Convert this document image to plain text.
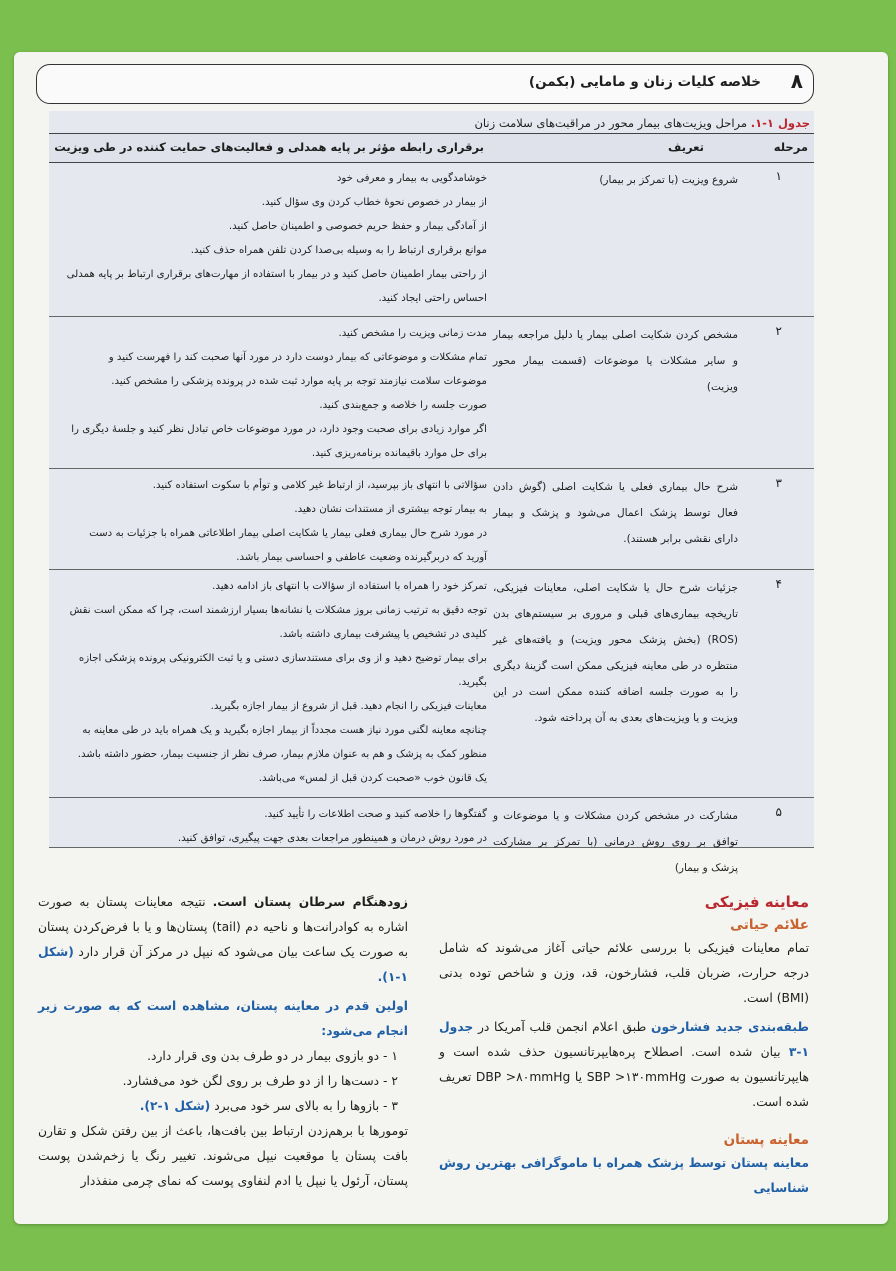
۸
خلاصه کلیات زنان و مامایی (بکمن)
جدول ۱-۱. مراحل ویزیت‌های بیمار محور در مراقبت‌های سلامت زنان
مرحله
تعریف
برقراری رابطه مؤثر بر پایه همدلی و فعالیت‌های حمایت کننده در طی ویزیت
۱
شروع ویزیت (با تمرکز بر بیمار)
خوشامدگویی به بیمار و معرفی خود
از بیمار در خصوص نحوهٔ خطاب کردن وی سؤال کنید.
از آمادگی بیمار و حفظ حریم خصوصی و اطمینان حاصل کنید.
موانع برقراری ارتباط را به وسیله بی‌صدا کردن تلفن همراه حذف کنید.
از راحتی بیمار اطمینان حاصل کنید و در بیمار با استفاده از مهارت‌های برقراری ارتباط بر پایه همدلی
احساس راحتی ایجاد کنید.
۲
مشخص کردن شکایت اصلی بیمار یا دلیل مراجعه بیمار و سایر مشکلات یا موضوعات (قسمت بیمار محور ویزیت)
مدت زمانی ویزیت را مشخص کنید.
تمام مشکلات و موضوعاتی که بیمار دوست دارد در مورد آنها صحبت کند را فهرست کنید و
موضوعات سلامت نیازمند توجه بر پایه موارد ثبت شده در پرونده پزشکی را مشخص کنید.
صورت جلسه را خلاصه و جمع‌بندی کنید.
اگر موارد زیادی برای صحبت وجود دارد، در مورد موضوعات خاص تبادل نظر کنید و جلسهٔ دیگری را
برای حل موارد باقیمانده برنامه‌ریزی کنید.
۳
شرح حال بیماری فعلی یا شکایت اصلی (گوش دادن فعال توسط پزشک اعمال می‌شود و پزشک و بیمار دارای نقشی برابر هستند).
سؤالاتی با انتهای باز بپرسید، از ارتباط غیر کلامی و توأم با سکوت استفاده کنید.
به بیمار توجه بیشتری از مستندات نشان دهید.
در مورد شرح حال بیماری فعلی بیمار یا شکایت اصلی بیمار اطلاعاتی همراه با جزئیات به دست
آورید که دربرگیرنده وضعیت عاطفی و احساسی بیمار باشد.
۴
جزئیات شرح حال یا شکایت اصلی، معاینات فیزیکی، تاریخچه بیماری‌های قبلی و مروری بر سیستم‌های بدن (ROS) (بخش پزشک محور ویزیت) و یافته‌های غیر منتظره در طی معاینه فیزیکی ممکن است گزینهٔ دیگری را به صورت جلسه اضافه کننده ممکن است در این ویزیت و یا ویزیت‌های بعدی به آن پرداخته شود.
تمرکز خود را همراه با استفاده از سؤالات با انتهای باز ادامه دهید.
توجه دقیق به ترتیب زمانی بروز مشکلات یا نشانه‌ها بسیار ارزشمند است، چرا که ممکن است نقش
کلیدی در تشخیص یا پیشرفت بیماری داشته باشد.
برای بیمار توضیح دهید و از وی برای مستندسازی دستی و یا ثبت الکترونیکی پرونده پزشکی اجازه
بگیرید.
معاینات فیزیکی را انجام دهید. قبل از شروع از بیمار اجازه بگیرید.
چنانچه معاینه لگنی مورد نیاز هست مجدداً از بیمار اجازه بگیرید و یک همراه باید در طی معاینه به
منظور کمک به پزشک و هم به عنوان ملازم بیمار، صرف نظر از جنسیت بیمار، حضور داشته باشد.
یک قانون خوب «صحبت کردن قبل از لمس» می‌باشد.
۵
مشارکت در مشخص کردن مشکلات و یا موضوعات و توافق بر روی روش درمانی (با تمرکز بر مشارکت پزشک و بیمار)
گفتگوها را خلاصه کنید و صحت اطلاعات را تأیید کنید.
در مورد روش درمان و همینطور مراجعات بعدی جهت پیگیری، توافق کنید.
معاینه فیزیکی
علائم حیاتی

تمام معاینات فیزیکی با بررسی علائم حیاتی آغاز می‌شوند که شامل درجه حرارت، ضربان قلب، فشارخون، قد، وزن و شاخص توده بدنی (BMI) است.

طبقه‌بندی جدید فشارخون طبق اعلام انجمن قلب آمریکا در جدول ۱-۳ بیان شده است. اصطلاح پره‌هایپرتانسیون حذف شده است و هایپرتانسیون به صورت SBP >۱۳۰mmHg یا DBP >۸۰mmHg تعریف شده است.

معاینه پستان

معاینه پستان توسط پزشک همراه با ماموگرافی بهترین روش شناسایی

زودهنگام سرطان پستان است. نتیجه معاینات پستان به صورت اشاره به کوادرانت‌ها و ناحیه دم (tail) پستان‌ها و یا با فرض‌کردن پستان به صورت یک ساعت بیان می‌شود که نیپل در مرکز آن قرار دارد (شکل ۱-۱).

اولین قدم در معاینه پستان، مشاهده است که به صورت زیر انجام می‌شود:

۱ - دو بازوی بیمار در دو طرف بدن وی قرار دارد.

۲ - دست‌ها را از دو طرف بر روی لگن خود می‌فشارد.

۳ - بازوها را به بالای سر خود می‌برد (شکل ۱-۲).

تومورها با برهم‌زدن ارتباط بین بافت‌ها، باعث از بین رفتن شکل و تقارن بافت پستان یا موقعیت نیپل می‌شوند. تغییر رنگ یا زخم‌شدن پوست پستان، آرئول یا نیپل یا ادم لنفاوی پوست که نمای چرمی منفذدار
